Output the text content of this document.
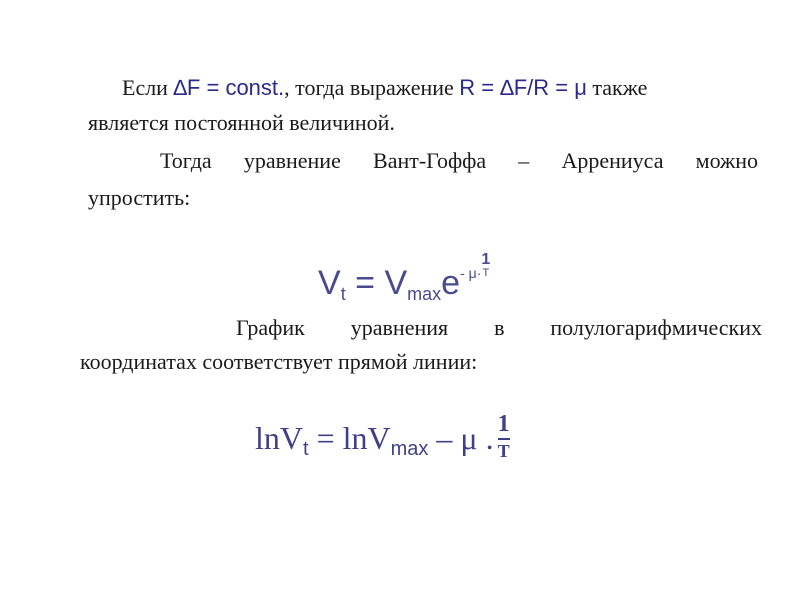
Если ∆F = const., тогда выражение R = ∆F/R = μ также
является постоянной величиной.
Тогда уравнение Вант-Гоффа – Аррениуса можно
упростить:
$V_t = V_{max}e^{- \mu\cdot}$
1
T
График уравнения в полулогарифмических
координатах соответствует прямой линии:
lnV$_t$ = lnV$_{max}$ – μ . $\frac{1}{T}$
